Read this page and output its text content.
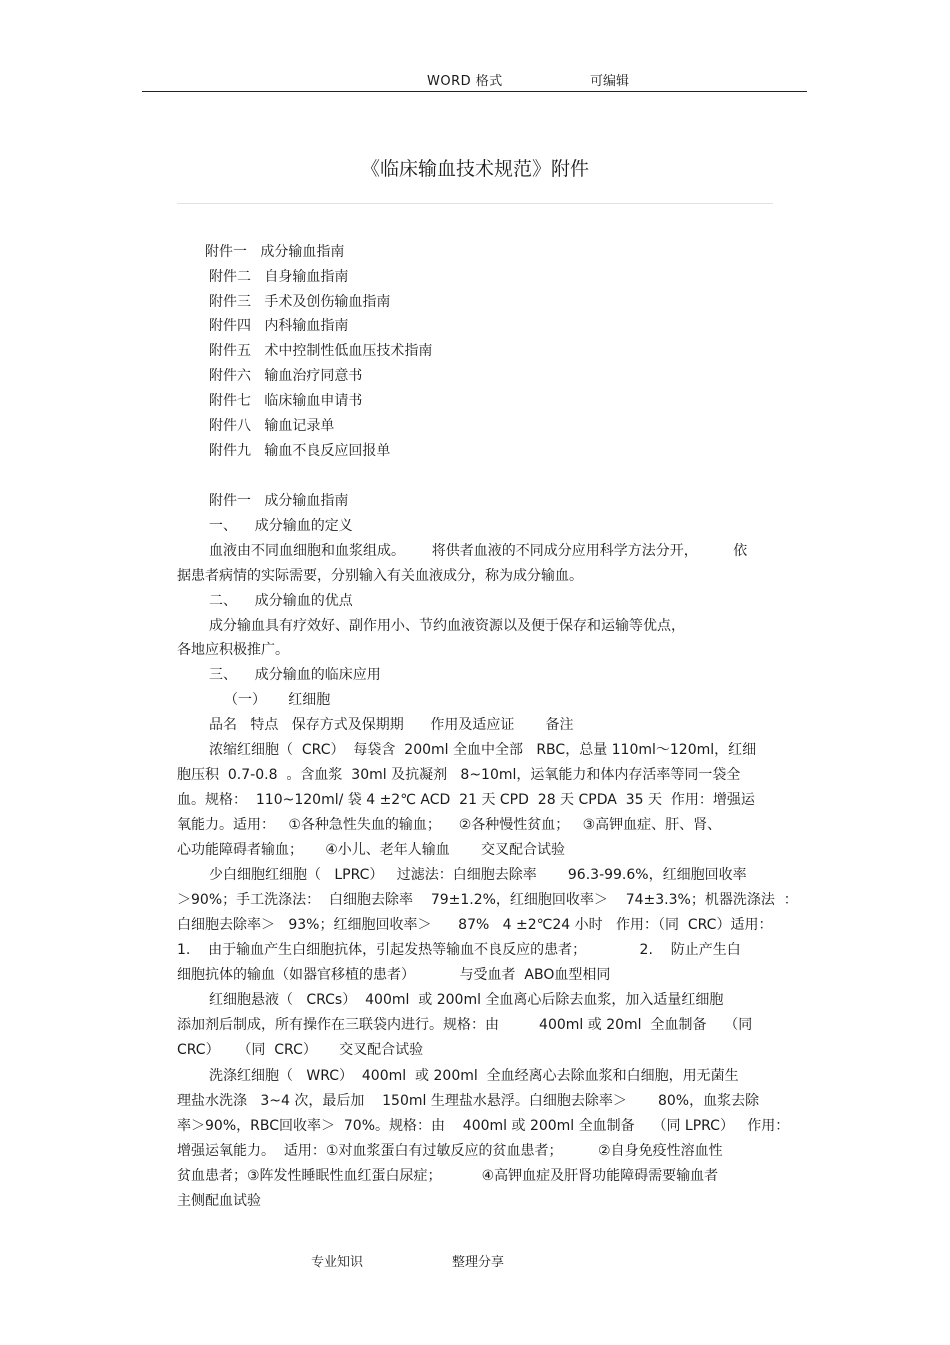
WORD 格式	可编辑
《临床输血技术规范》附件
附件一   成分输血指南
附件二   自身输血指南
附件三   手术及创伤输血指南
附件四   内科输血指南
附件五   术中控制性低血压技术指南
附件六   输血治疗同意书
附件七   临床输血申请书
附件八   输血记录单
附件九   输血不良反应回报单
附件一   成分输血指南
一、    成分输血的定义
血液由不同血细胞和血浆组成。      将供者血液的不同成分应用科学方法分开，        依
据患者病情的实际需要，分别输入有关血液成分，称为成分输血。
二、    成分输血的优点
成分输血具有疗效好、副作用小、节约血液资源以及便于保存和运输等优点，
各地应积极推广。
三、    成分输血的临床应用
（一）     红细胞
品名   特点   保存方式及保期期      作用及适应证       备注
浓缩红细胞（  CRC）  每袋含  200ml 全血中全部   RBC，总量 110ml～120ml，红细
胞压积  0.7-0.8  。含血浆  30ml 及抗凝剂   8~10ml，运氧能力和体内存活率等同一袋全
血。规格：  110~120ml/ 袋 4 ±2℃ ACD  21 天 CPD  28 天 CPDA  35 天  作用：增强运
氧能力。适用：   ①各种急性失血的输血；    ②各种慢性贫血；   ③高钾血症、肝、肾、
心功能障碍者输血；     ④小儿、老年人输血       交叉配合试验
少白细胞红细胞（   LPRC）   过滤法：白细胞去除率       96.3-99.6%，红细胞回收率
＞90%；手工洗涤法：  白细胞去除率    79±1.2%，红细胞回收率＞    74±3.3%；机器洗涤法  ：
白细胞去除率＞   93%；红细胞回收率＞      87%   4 ±2℃24 小时   作用：（同  CRC）适用：
1.    由于输血产生白细胞抗体，引起发热等输血不良反应的患者；            2.    防止产生白
细胞抗体的输血（如器官移植的患者）          与受血者  ABO血型相同
红细胞悬液（   CRCs）  400ml  或 200ml 全血离心后除去血浆，加入适量红细胞
添加剂后制成，所有操作在三联袋内进行。规格：由         400ml 或 20ml  全血制备    （同
CRC）    （同  CRC）     交叉配合试验
洗涤红细胞（   WRC）  400ml  或 200ml  全血经离心去除血浆和白细胞，用无菌生
理盐水洗涤   3~4 次，最后加    150ml 生理盐水悬浮。白细胞去除率＞       80%，血浆去除
率＞90%，RBC回收率＞  70%。规格：由    400ml 或 200ml 全血制备    （同 LPRC）   作用：
增强运氧能力。  适用：①对血浆蛋白有过敏反应的贫血患者；        ②自身免疫性溶血性
贫血患者；③阵发性睡眠性血红蛋白尿症；         ④高钾血症及肝肾功能障碍需要输血者
主侧配血试验
专业知识	整理分享
